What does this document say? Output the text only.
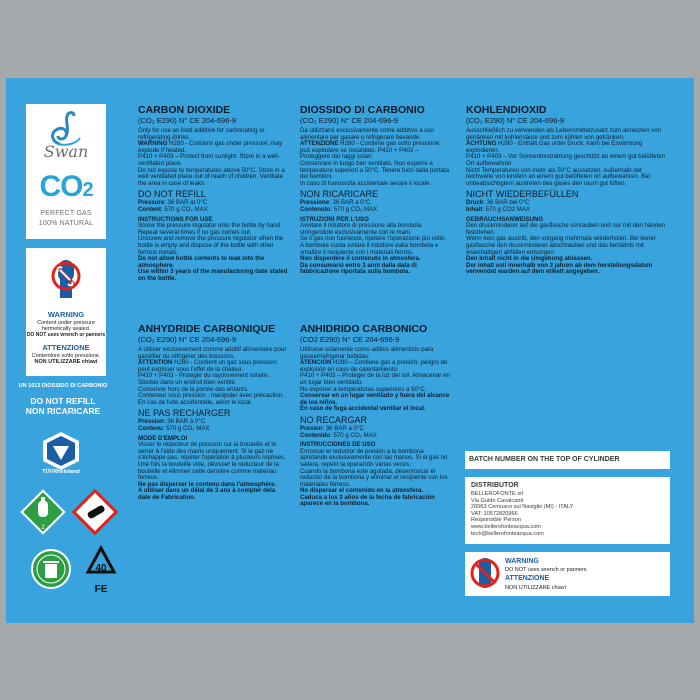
Swan
CO2
PERFECT GAS
100% NATURAL
WARNING
Content under pressure
hermetically sealed.
DO NOT uses wrench or panners
ATTENZIONE
Contenitore sotto pressione.
NON UTILIZZARE chiavi
UN 1013 DIOSSIDO DI CARBONIO
DO NOT REFILL
NON RICARICARE
TÜVRheinland
2
40
FE
CARBON DIOXIDE
(CO₂ E290) N° CE 204-696-9

Only for use as food additive for carbonating or refrigerating drinks.

WARNING H280 - Contains gas under pressure; may explode if heated.

P410 + P403 – Protect from sunlight. Store in a well-ventilated place.

Do not expose to temperatures above 50°C. Store in a well ventilated place out of reach of children. Ventilate the area in case of leaks.

DO NOT REFILL

Pressure: 36 BAR at 0°C

Content: 570 g CO₂ MAX

INSTRUCTIONS FOR USE

Screw the pressure regulator onto the bottle by hand.

Repeat several times if no gas comes out.

Unscrew and remove the pressure regulator when the bottle is empty and dispose of the bottle with other ferrous metals.

Do not allow bottle contents to leak into the atmosphere.

Use within 3 years of the manufacturing date stated on the bottle.

ANHYDRIDE CARBONIQUE
(CO₂ E290) N° CE 204-696-9

A utiliser exclusivement comme additif alimentaire pour gazéifier ou réfrigérer des boissons.

ATTENTION H280 - Contient un gaz sous pression; peut exploser sous l'effet de la chaleur.

P410 + P403 - Protéger du rayonnement solaire. Stocker dans un endroit bien ventilé.

Conserver hors de la portée des enfants.

Conteneur sous pression : manipuler avec précaution. En cas de fuite accidentelle, aérer le local.

NE PAS RECHARGER

Pression: 36 BAR à 0°C

Contenu: 570 g CO₂ MAX

MODE D'EMPLOI

Visser le réducteur de pression sur la bouteille et le serrer à l'aide des mains uniquement. Si le gaz ne s'échappe pas, répéter l'opération à plusieurs reprises.

Une fois la bouteille vide, dévisser le réducteur de la bouteille et éliminer cette dernière comme matériau ferreux.

Ne pas disperser le contenu dans l'atmosphère.

A utiliser dans un délai de 3 ans à compter dela date de Fabrication.

DIOSSIDO DI CARBONIO
(CO₂ E290) N° CE 204-696-9

Da utilizzarsi esclusivamente come additivo a uso alimentare per gasare o refrigerare bevande.

ATTENZIONE H280 - Contiene gas sotto pressione; può esplodere se riscaldato. P410 + P403 – Proteggere dai raggi solari.

Conservare in luogo ben ventilato. Non esporre a temperature superiori a 50°C. Tenere fuori dalla portata dei bambini.

In caso di fuoriuscita accidentale aerare il locale.

NON RICARICARE

Pressione: 36 BAR a 0°C

Contenuto: 570 g CO₂ MAX

ISTRUZIONI PER L'USO

Avvitare il riduttore di pressione alla bombola stringendolo esclusivamente con le mani.

Se il gas non fuoriesce, ripetere l'operazione più volte. A bombola vuota svitare il riduttore dalla bombola e smaltire il recipiente con i materiali ferrosi.

Non disperdere il contenuto in atmosfera.

Da consumarsi entro 3 anni dalla data di fabbricazione riportata sulla bombola.

ANHIDRIDO CARBONICO
(CO2 E290) N° CE 204-696-9

Utilícese solamente como aditivo alimenticio para gasear/refrigerar bebidas.

ATENCIÓN H280 – Contiene gas a presión; peligro de explosión en caso de calentamiento.

P410 + P403 – Proteger de la luz del sol. Almacenar en un lugar bien ventilado.

No exponer a temperaturas superiores a 50°C.

Conservar en un lugar ventilado y fuera del alcance de los niños.

En caso de fuga accidental ventilar el local.

NO RECARGAR

Presion: 36 BAR a 0°C

Contenido: 570 g CO₂ MAX

INSTRUCCIONES DE USO

Enroscar el reductor de presión a la bombona apretando exclusivamente con las manos. Si el gas no saliera, repetir la operación varias veces.

Cuando la bombona este agotada, desenroscar el reductor de la bombona y eliminar el recipiente con los materiales férreos.

No dispersar el contenido en la atmósfera.

Caduca a los 3 años de la fecha de fabricación aparece en la bombona.

KOHLENDIOXID
(CO₂ E290) N° CE 204-696-9

Ausschließlich zu verwenden als Lebensmittelzusatz zum anreichen von getränken mit kohlensäure und zum kühlen von getränken.

ACHTUNG H280 - Enthält Gas unter Druck; kann bei Erwärmung explodieren.

P410 + P403 – Vor Sonnenbestrahlung geschützt an einem gut belüfteten Ort aufbewahren.

Nicht Temperaturen von mehr als 50°C aussetzen. Außerhalb der reichweite von kindern an einem gut belüfteten ort aufbewahren. Bei unbeabsichtigtem austreten des gases den raum gut lüften.

NICHT WIEDERBEFÜLLEN

Druck: 36 BAR bei 0°C

Inhalt: 570 g CO2 MAX

GEBRAUCHSANWEISUNG

Den druckminderer auf die gasflasche schrauben und nur mit den händen festziehen.

Wenn kein gas austritt, den vorgang mehrmals wiederholen. Bei leerer gasflasche den druckminderer abschrauben und das behältnis mit eisenhaltigen abfällen entsorgen.

Den Inhalt nicht in die Umgebung ablassen.

Der inhalt soll innerhalb von 3 jahren ab dem herstellungsdatum verwendet warden auf dem etikett angegeben.

BATCH NUMBER ON THE TOP OF CYLINDER
DISTRIBUTOR
BELLEROFONTE srl
Via Guido Cavalcanti
20063 Cernusco sul Naviglio (MI) - ITALY
VAT: 10572820966
Responsible Person
www.bellerofonteacqua.com
tech@bellerofonteacqua.com
WARNING
DO NOT uses wrench or panners
ATTENZIONE
NON UTILIZZARE chiavi
